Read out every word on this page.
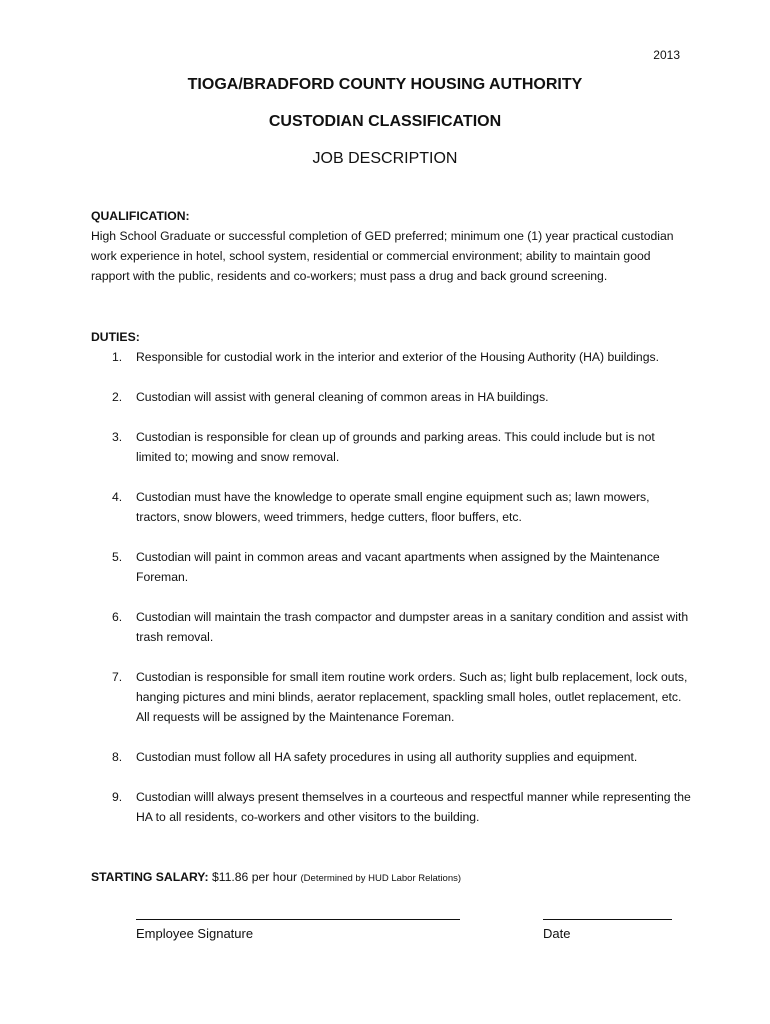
2013
TIOGA/BRADFORD COUNTY HOUSING AUTHORITY
CUSTODIAN CLASSIFICATION
JOB DESCRIPTION
QUALIFICATION:
High School Graduate or successful completion of GED preferred; minimum one (1) year practical custodian work experience in hotel, school system, residential or commercial environment; ability to maintain good rapport with the public, residents and co-workers; must pass a drug and back ground screening.
DUTIES:
1. Responsible for custodial work in the interior and exterior of the Housing Authority (HA) buildings.
2. Custodian will assist with general cleaning of common areas in HA buildings.
3. Custodian is responsible for clean up of grounds and parking areas. This could include but is not limited to; mowing and snow removal.
4. Custodian must have the knowledge to operate small engine equipment such as; lawn mowers, tractors, snow blowers, weed trimmers, hedge cutters, floor buffers, etc.
5. Custodian will paint in common areas and vacant apartments when assigned by the Maintenance Foreman.
6. Custodian will maintain the trash compactor and dumpster areas in a sanitary condition and assist with trash removal.
7. Custodian is responsible for small item routine work orders. Such as; light bulb replacement, lock outs, hanging pictures and mini blinds, aerator replacement, spackling small holes, outlet replacement, etc. All requests will be assigned by the Maintenance Foreman.
8. Custodian must follow all HA safety procedures in using all authority supplies and equipment.
9. Custodian willl always present themselves in a courteous and respectful manner while representing the HA to all residents, co-workers and other visitors to the building.
STARTING SALARY: $11.86 per hour (Determined by HUD Labor Relations)
Employee Signature	Date
